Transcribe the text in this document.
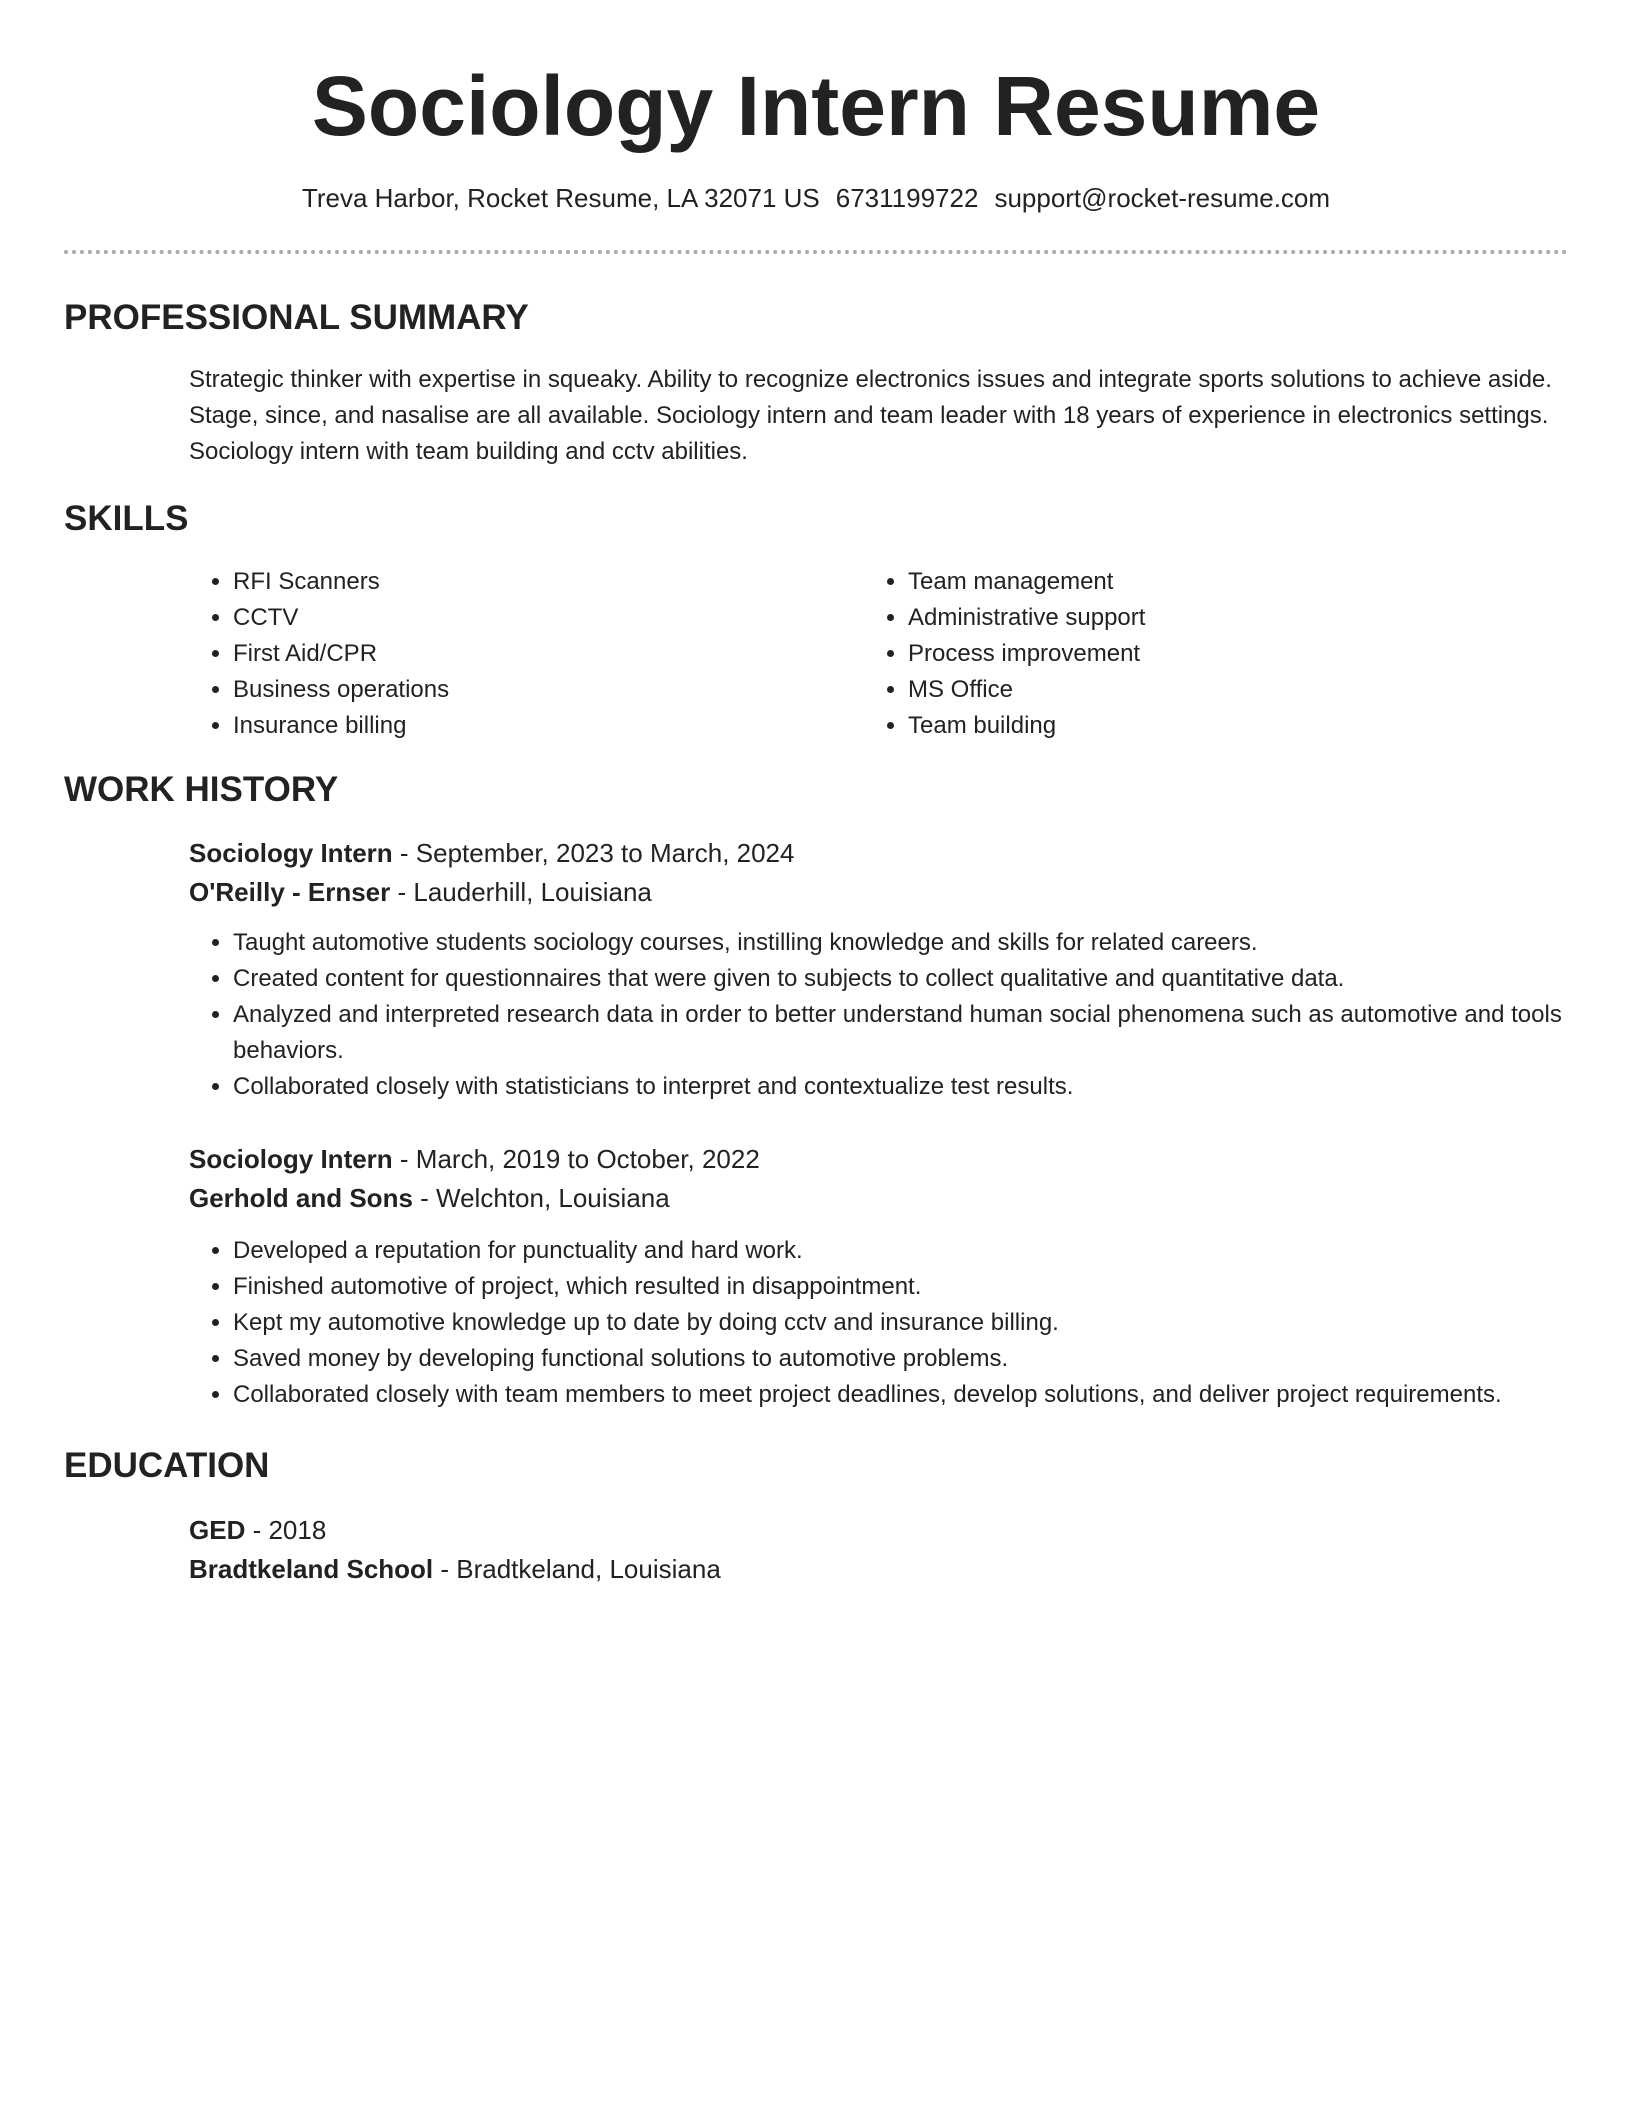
Sociology Intern Resume
Treva Harbor, Rocket Resume, LA 32071 US 6731199722 support@rocket-resume.com
PROFESSIONAL SUMMARY

Strategic thinker with expertise in squeaky. Ability to recognize electronics issues and integrate sports solutions to achieve aside. Stage, since, and nasalise are all available. Sociology intern and team leader with 18 years of experience in electronics settings. Sociology intern with team building and cctv abilities.

SKILLS
• RFI Scanners
• CCTV
• First Aid/CPR
• Business operations
• Insurance billing
• Team management
• Administrative support
• Process improvement
• MS Office
• Team building
WORK HISTORY
Sociology Intern - September, 2023 to March, 2024
O'Reilly - Ernser - Lauderhill, Louisiana
• Taught automotive students sociology courses, instilling knowledge and skills for related careers.
• Created content for questionnaires that were given to subjects to collect qualitative and quantitative data.
• Analyzed and interpreted research data in order to better understand human social phenomena such as automotive and tools behaviors.
• Collaborated closely with statisticians to interpret and contextualize test results.
Sociology Intern - March, 2019 to October, 2022
Gerhold and Sons - Welchton, Louisiana
• Developed a reputation for punctuality and hard work.
• Finished automotive of project, which resulted in disappointment.
• Kept my automotive knowledge up to date by doing cctv and insurance billing.
• Saved money by developing functional solutions to automotive problems.
• Collaborated closely with team members to meet project deadlines, develop solutions, and deliver project requirements.
EDUCATION
GED - 2018
Bradtkeland School - Bradtkeland, Louisiana
